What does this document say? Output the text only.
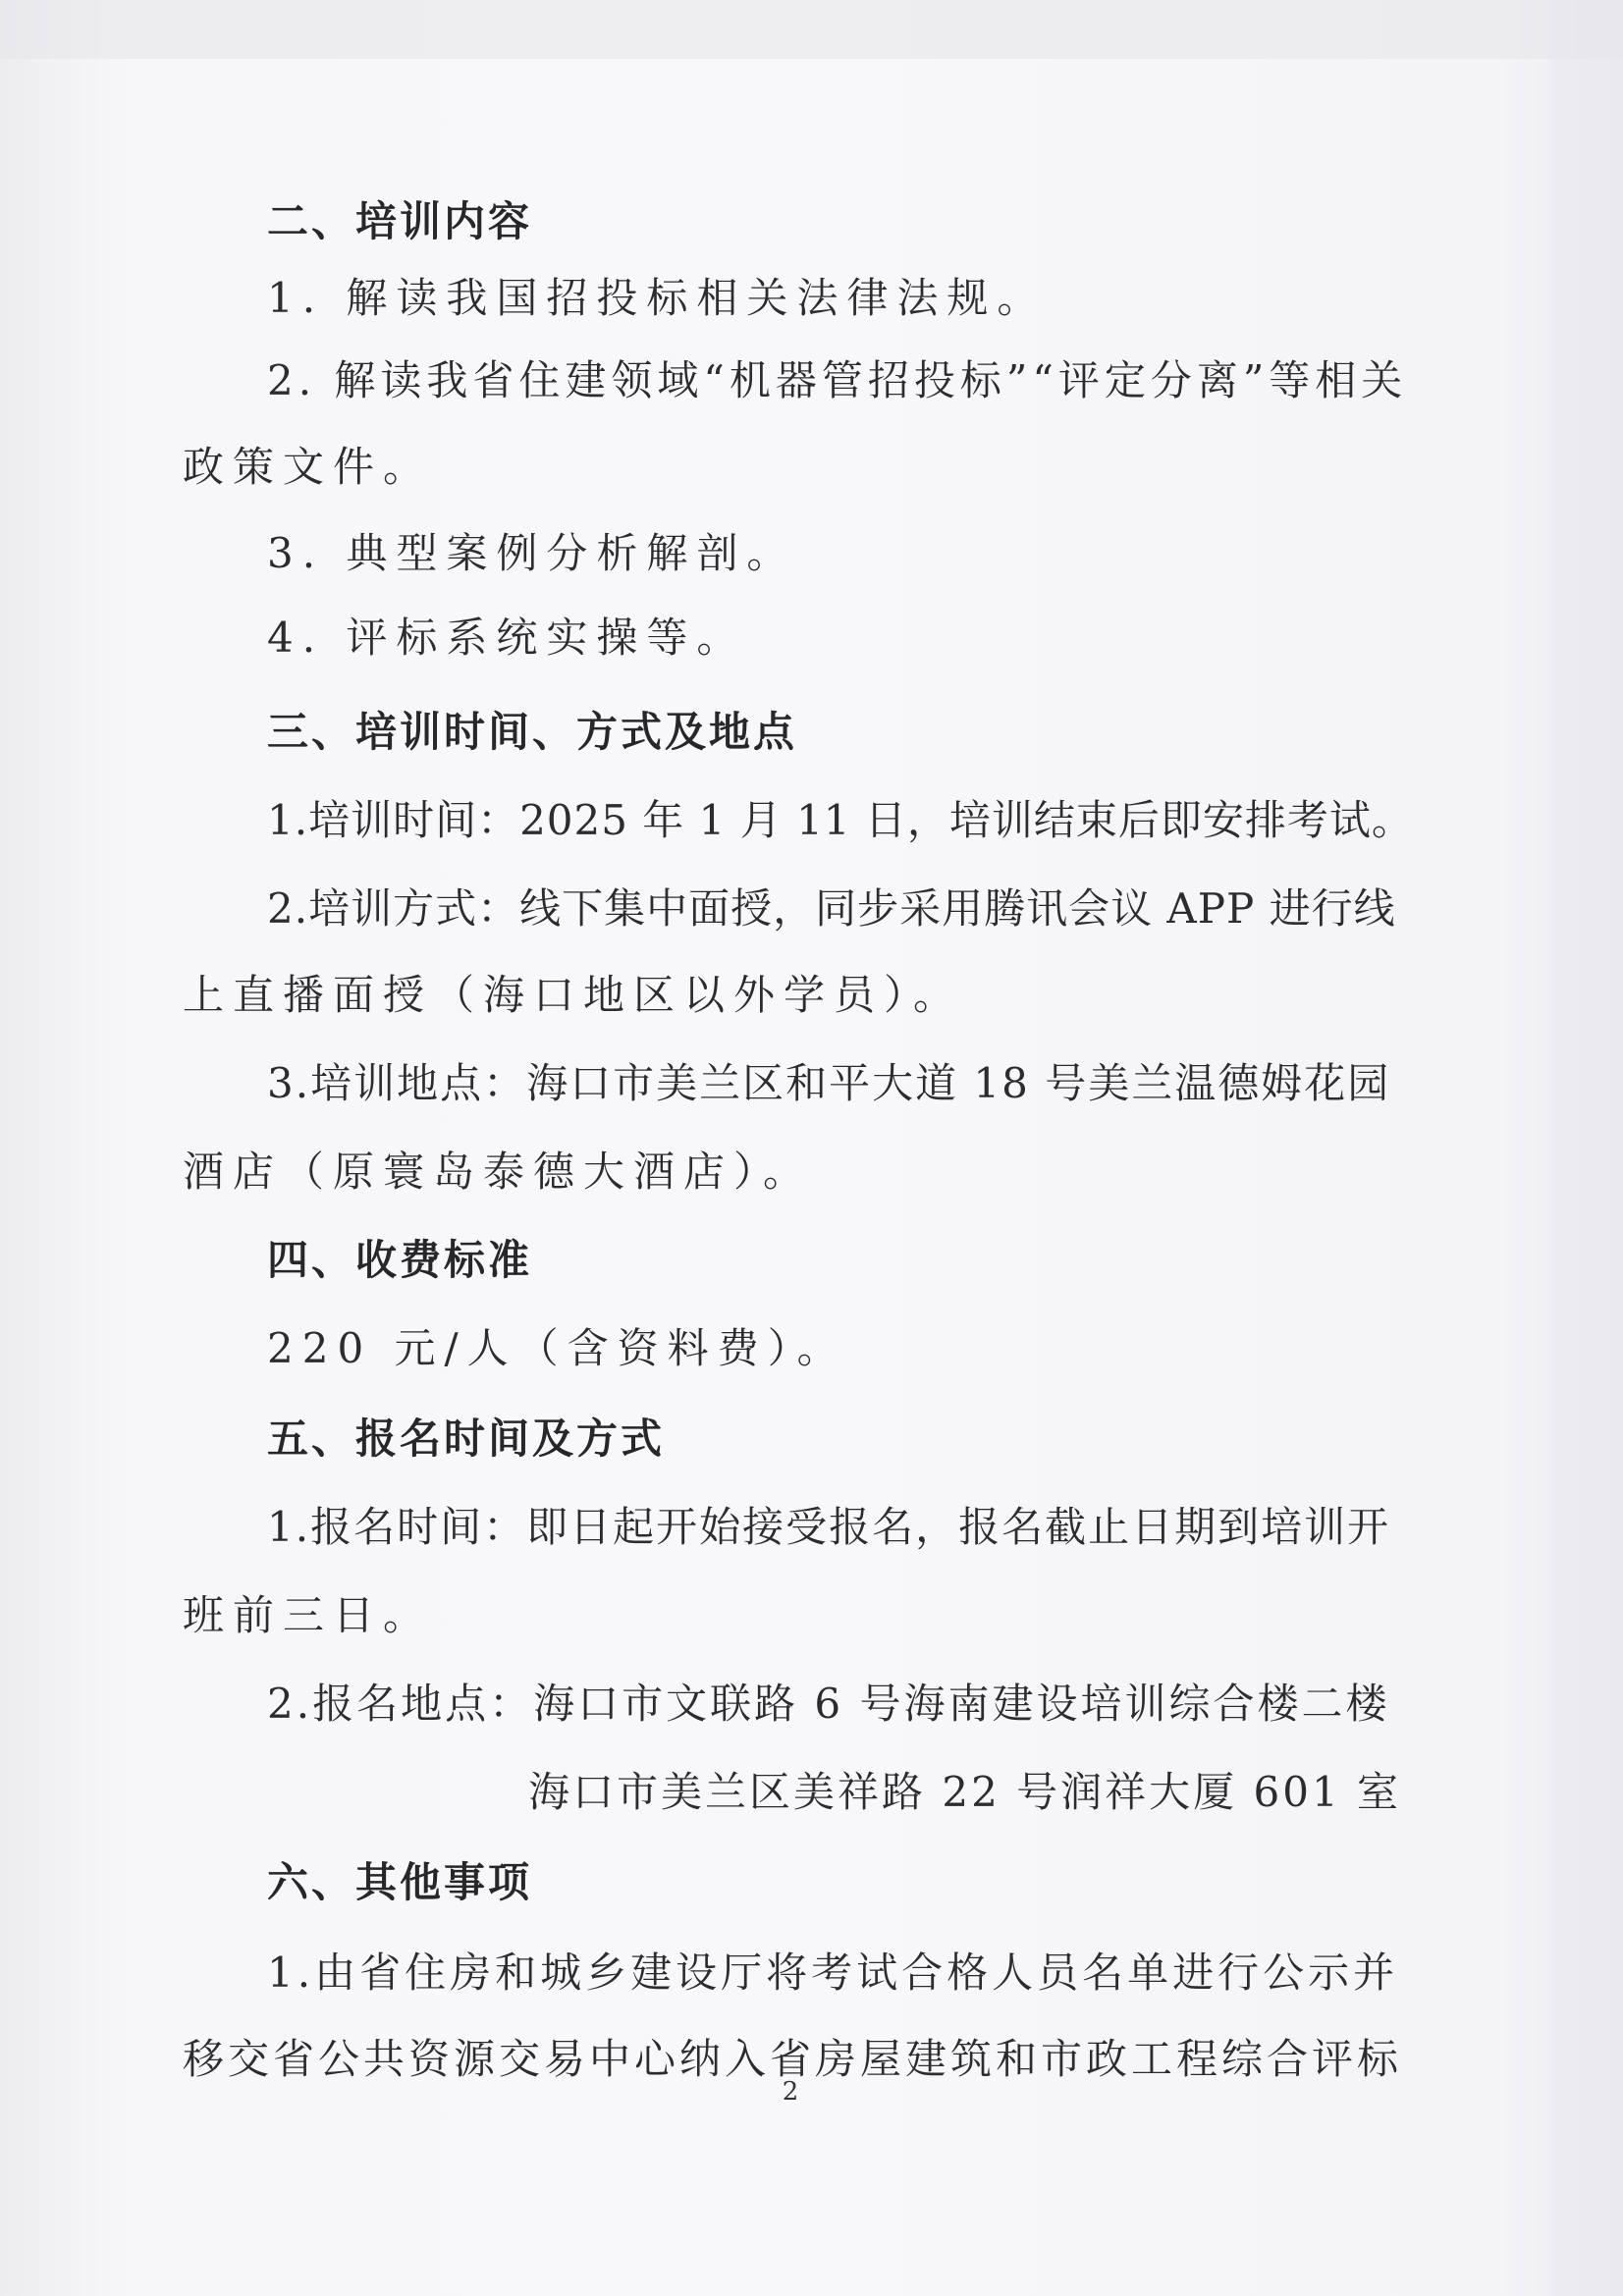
二、培训内容
1. 解读我国招投标相关法律法规。
2. 解读我省住建领域“机器管招投标”“评定分离”等相关
政策文件。
3. 典型案例分析解剖。
4. 评标系统实操等。
三、培训时间、方式及地点
1.培训时间：2025 年 1 月 11 日，培训结束后即安排考试。
2.培训方式：线下集中面授，同步采用腾讯会议 APP 进行线
上直播面授（海口地区以外学员）。
3.培训地点：海口市美兰区和平大道 18 号美兰温德姆花园
酒店（原寰岛泰德大酒店）。
四、收费标准
220 元/人（含资料费）。
五、报名时间及方式
1.报名时间：即日起开始接受报名，报名截止日期到培训开
班前三日。
2.报名地点：海口市文联路 6 号海南建设培训综合楼二楼
海口市美兰区美祥路 22 号润祥大厦 601 室
六、其他事项
1.由省住房和城乡建设厅将考试合格人员名单进行公示并
移交省公共资源交易中心纳入省房屋建筑和市政工程综合评标
2
